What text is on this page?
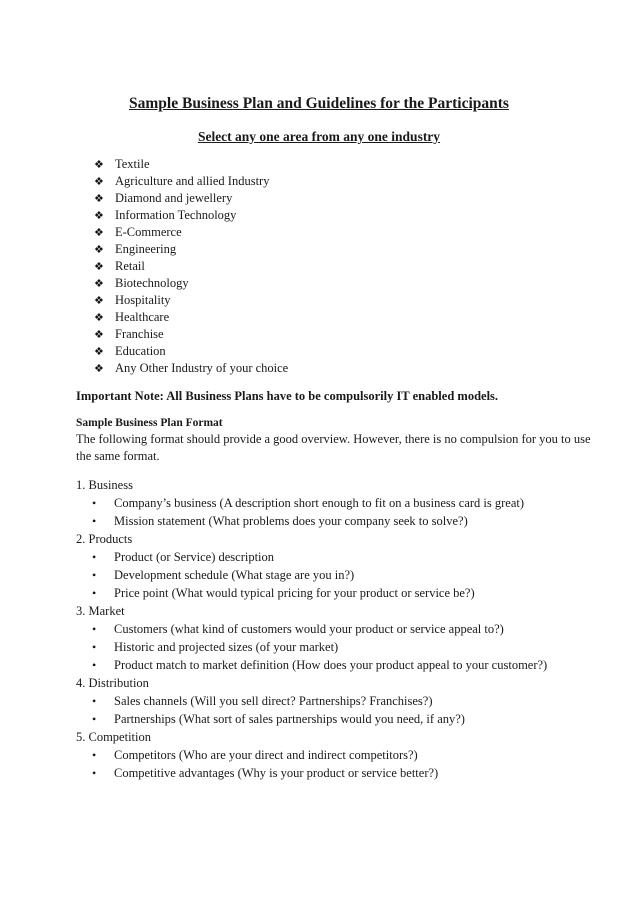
Sample Business Plan and Guidelines for the Participants
Select any one area from any one industry
❖ Textile
❖ Agriculture and allied Industry
❖ Diamond and jewellery
❖ Information Technology
❖ E-Commerce
❖ Engineering
❖ Retail
❖ Biotechnology
❖ Hospitality
❖ Healthcare
❖ Franchise
❖ Education
❖ Any Other Industry of your choice

Important Note: All Business Plans have to be compulsorily IT enabled models.

Sample Business Plan Format

The following format should provide a good overview. However, there is no compulsion for you to use the same format.

1. Business
• Company’s business (A description short enough to fit on a business card is great)
• Mission statement (What problems does your company seek to solve?)
2. Products
• Product (or Service) description
• Development schedule (What stage are you in?)
• Price point (What would typical pricing for your product or service be?)
3. Market
• Customers (what kind of customers would your product or service appeal to?)
• Historic and projected sizes (of your market)
• Product match to market definition (How does your product appeal to your customer?)
4. Distribution
• Sales channels (Will you sell direct? Partnerships? Franchises?)
• Partnerships (What sort of sales partnerships would you need, if any?)
5. Competition
• Competitors (Who are your direct and indirect competitors?)
• Competitive advantages (Why is your product or service better?)
